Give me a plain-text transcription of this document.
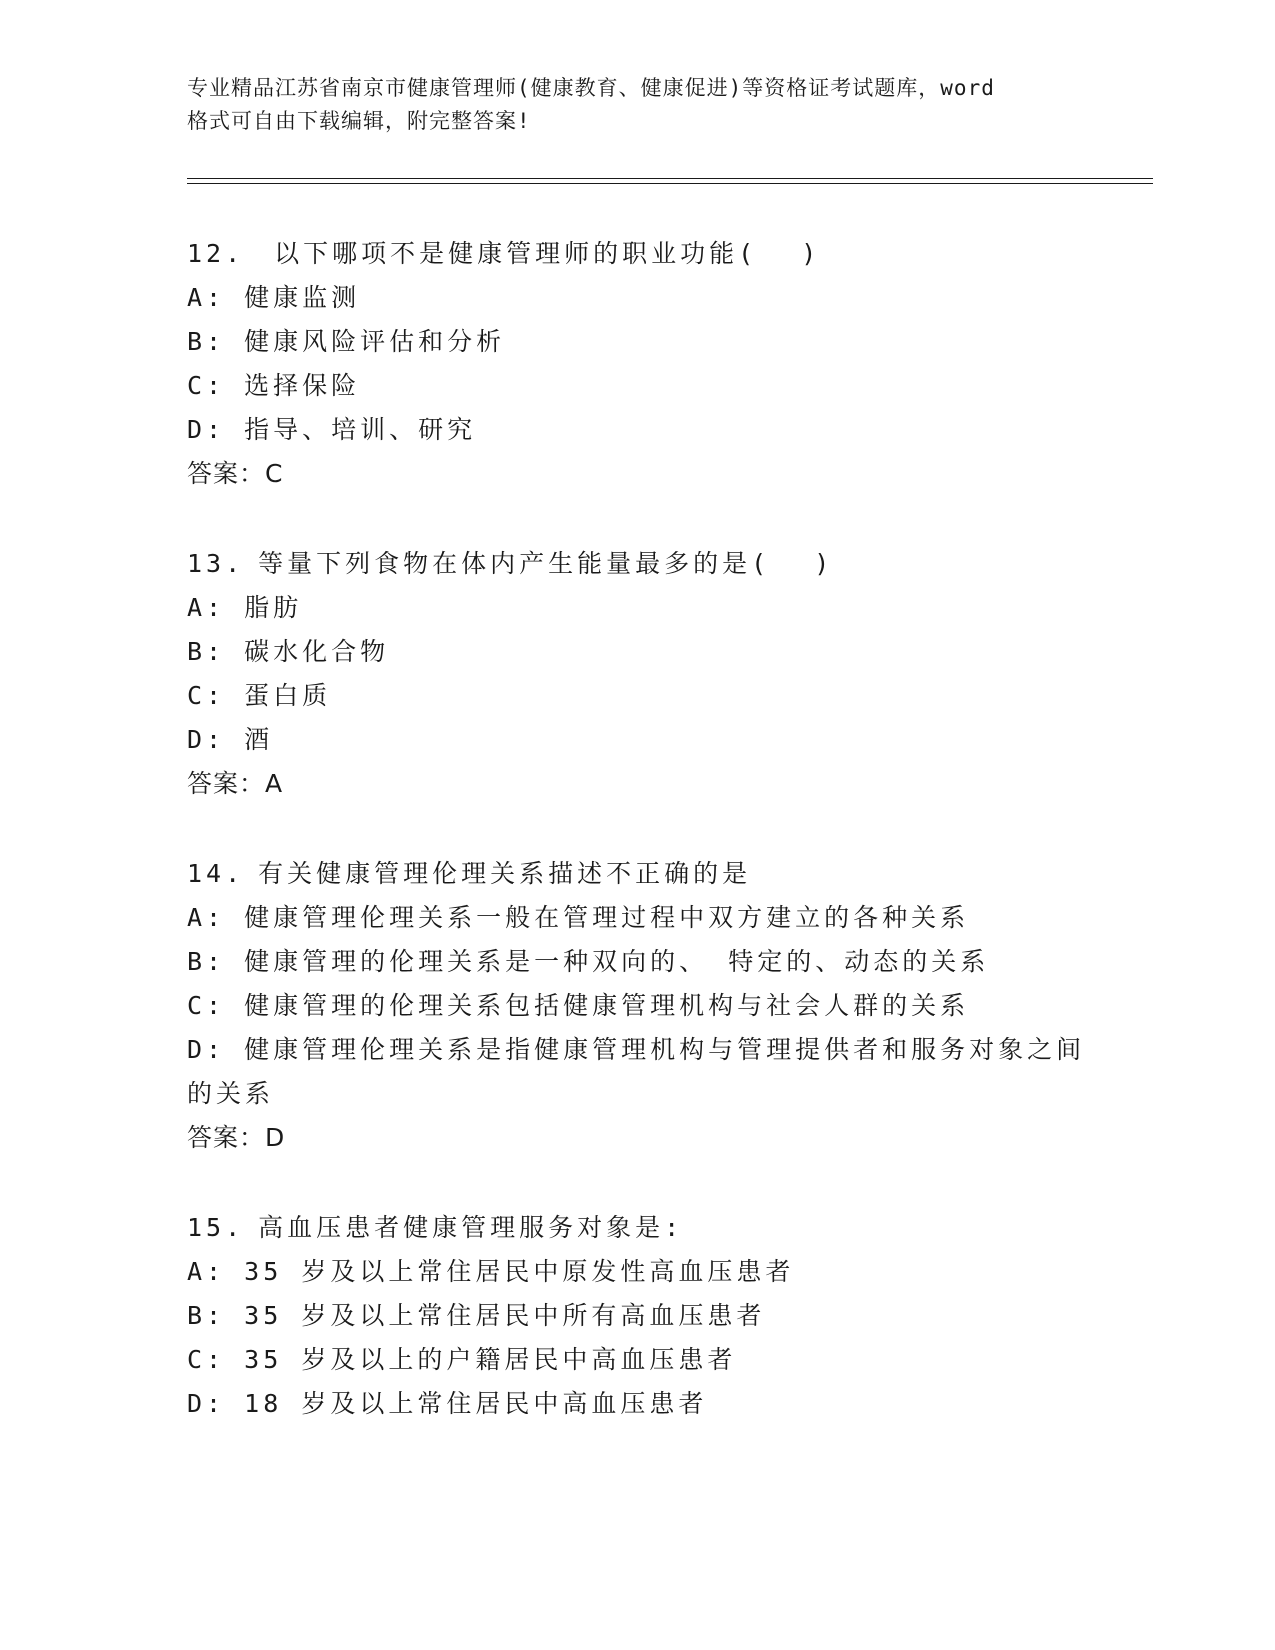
专业精品江苏省南京市健康管理师(健康教育、健康促进)等资格证考试题库，word
格式可自由下载编辑，附完整答案!
12. 以下哪项不是健康管理师的职业功能( )
A: 健康监测
B: 健康风险评估和分析
C: 选择保险
D: 指导、培训、研究
答案：C
13. 等量下列食物在体内产生能量最多的是( )
A: 脂肪
B: 碳水化合物
C: 蛋白质
D: 酒
答案：A
14. 有关健康管理伦理关系描述不正确的是
A: 健康管理伦理关系一般在管理过程中双方建立的各种关系
B: 健康管理的伦理关系是一种双向的、 特定的、动态的关系
C: 健康管理的伦理关系包括健康管理机构与社会人群的关系
D: 健康管理伦理关系是指健康管理机构与管理提供者和服务对象之间
的关系
答案：D
15. 高血压患者健康管理服务对象是:
A: 35 岁及以上常住居民中原发性高血压患者
B: 35 岁及以上常住居民中所有高血压患者
C: 35 岁及以上的户籍居民中高血压患者
D: 18 岁及以上常住居民中高血压患者
